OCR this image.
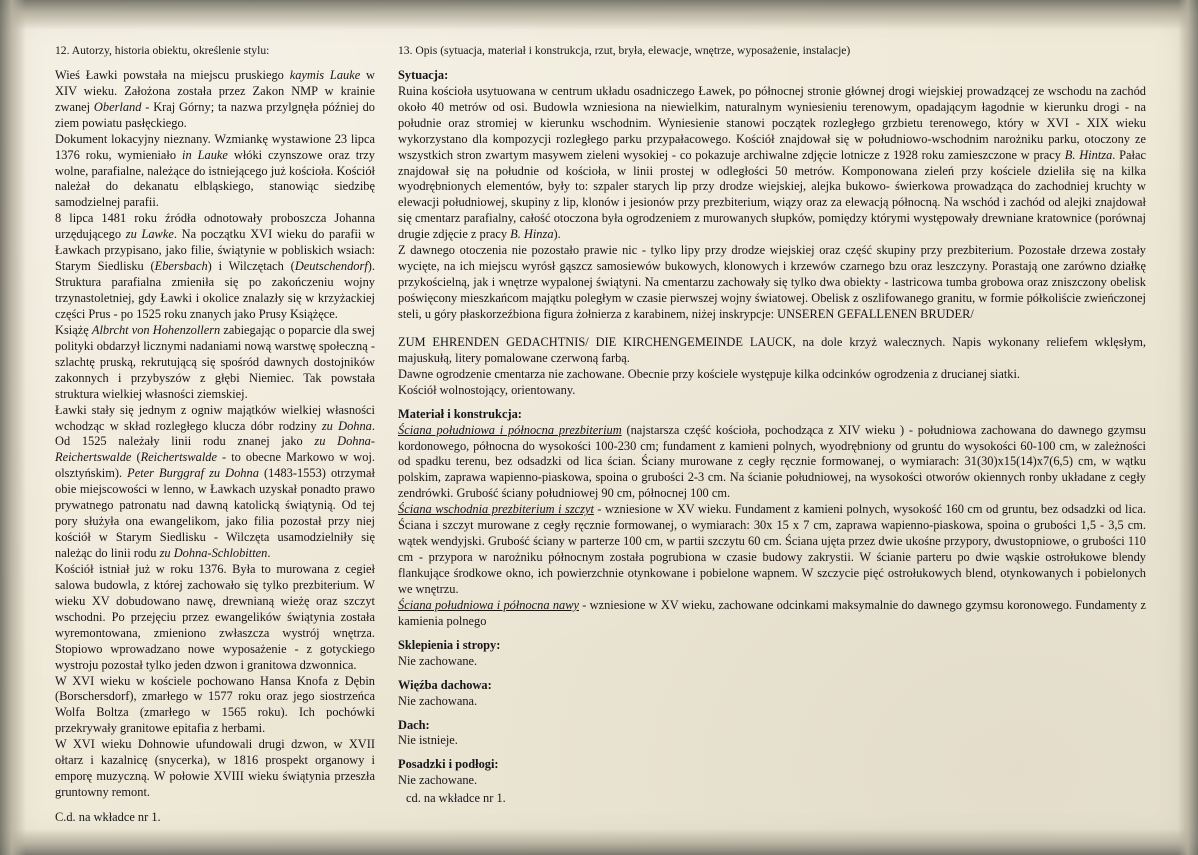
12. Autorzy, historia obiektu, określenie stylu:

Wieś Ławki powstała na miejscu pruskiego kaymis Lauke w XIV wieku. Założona została przez Zakon NMP w krainie zwanej Oberland - Kraj Górny; ta nazwa przylgnęła później do ziem powiatu pasłęckiego.

Dokument lokacyjny nieznany. Wzmiankę wystawione 23 lipca 1376 roku, wymieniało in Lauke włóki czynszowe oraz trzy wolne, parafialne, należące do istniejącego już kościoła. Kościół należał do dekanatu elbląskiego, stanowiąc siedzibę samodzielnej parafii.

8 lipca 1481 roku źródła odnotowały proboszcza Johanna urzędującego zu Lawke. Na początku XVI wieku do parafii w Ławkach przypisano, jako filie, świątynie w pobliskich wsiach: Starym Siedlisku (Ebersbach) i Wilczętach (Deutschendorf). Struktura parafialna zmieniła się po zakończeniu wojny trzynastoletniej, gdy Ławki i okolice znalazły się w krzyżackiej części Prus - po 1525 roku znanych jako Prusy Książęce.

Książę Albrcht von Hohenzollern zabiegając o poparcie dla swej polityki obdarzył licznymi nadaniami nową warstwę społeczną - szlachtę pruską, rekrutującą się spośród dawnych dostojników zakonnych i przybyszów z głębi Niemiec. Tak powstała struktura wielkiej własności ziemskiej.

Ławki stały się jednym z ogniw majątków wielkiej własności wchodząc w skład rozległego klucza dóbr rodziny zu Dohna. Od 1525 należały linii rodu znanej jako zu Dohna-Reichertswalde (Reichertswalde - to obecne Markowo w woj. olsztyńskim). Peter Burggraf zu Dohna (1483-1553) otrzymał obie miejscowości w lenno, w Ławkach uzyskał ponadto prawo prywatnego patronatu nad dawną katolicką świątynią. Od tej pory służyła ona ewangelikom, jako filia pozostał przy niej kościół w Starym Siedlisku - Wilczęta usamodzielniły się należąc do linii rodu zu Dohna-Schlobitten.

Kościół istniał już w roku 1376. Była to murowana z cegieł salowa budowla, z której zachowało się tylko prezbiterium. W wieku XV dobudowano nawę, drewnianą wieżę oraz szczyt wschodni. Po przejęciu przez ewangelików świątynia została wyremontowana, zmieniono zwłaszcza wystrój wnętrza. Stopiowo wprowadzano nowe wyposażenie - z gotyckiego wystroju pozostał tylko jeden dzwon i granitowa dzwonnica.

W XVI wieku w kościele pochowano Hansa Knofa z Dębin (Borschersdorf), zmarłego w 1577 roku oraz jego siostrzeńca Wolfa Boltza (zmarłego w 1565 roku). Ich pochówki przekrywały granitowe epitafia z herbami.

W XVI wieku Dohnowie ufundowali drugi dzwon, w XVII ołtarz i kazalnicę (snycerka), w 1816 prospekt organowy i emporę muzyczną. W połowie XVIII wieku świątynia przeszła gruntowny remont.

C.d. na wkładce nr 1.
13. Opis (sytuacja, materiał i konstrukcja, rzut, bryła, elewacje, wnętrze, wyposażenie, instalacje)
Sytuacja:

Ruina kościoła usytuowana w centrum układu osadniczego Ławek, po północnej stronie głównej drogi wiejskiej prowadzącej ze wschodu na zachód około 40 metrów od osi. Budowla wzniesiona na niewielkim, naturalnym wyniesieniu terenowym, opadającym łagodnie w kierunku drogi - na południe oraz stromiej w kierunku wschodnim. Wyniesienie stanowi początek rozległego grzbietu terenowego, który w XVI - XIX wieku wykorzystano dla kompozycji rozległego parku przypałacowego. Kościół znajdował się w południowo-wschodnim narożniku parku, otoczony ze wszystkich stron zwartym masywem zieleni wysokiej - co pokazuje archiwalne zdjęcie lotnicze z 1928 roku zamieszczone w pracy B. Hintza. Pałac znajdował się na południe od kościoła, w linii prostej w odległości 50 metrów. Komponowana zieleń przy kościele dzieliła się na kilka wyodrębnionych elementów, były to: szpaler starych lip przy drodze wiejskiej, alejka bukowo- świerkowa prowadząca do zachodniej kruchty w elewacji południowej, skupiny z lip, klonów i jesionów przy prezbiterium, wiązy oraz za elewacją północną. Na wschód i zachód od alejki znajdował się cmentarz parafialny, całość otoczona była ogrodzeniem z murowanych słupków, pomiędzy którymi występowały drewniane kratownice (porównaj drugie zdjęcie z pracy B. Hinza).

Z dawnego otoczenia nie pozostało prawie nic - tylko lipy przy drodze wiejskiej oraz część skupiny przy prezbiterium. Pozostałe drzewa zostały wycięte, na ich miejscu wyrósł gąszcz samosiewów bukowych, klonowych i krzewów czarnego bzu oraz leszczyny. Porastają one zarówno działkę przykościelną, jak i wnętrze wypalonej świątyni. Na cmentarzu zachowały się tylko dwa obiekty - lastricowa tumba grobowa oraz zniszczony obelisk poświęcony mieszkańcom majątku poległym w czasie pierwszej wojny światowej. Obelisk z oszlifowanego granitu, w formie półkoliście zwieńczonej steli, u góry płaskorzeźbiona figura żołnierza z karabinem, niżej inskrypcje: UNSEREN GEFALLENEN BRUDER/

ZUM EHRENDEN GEDACHTNIS/ DIE KIRCHENGEMEINDE LAUCK, na dole krzyż walecznych. Napis wykonany reliefem wklęsłym, majuskułą, litery pomalowane czerwoną farbą.

Dawne ogrodzenie cmentarza nie zachowane. Obecnie przy kościele występuje kilka odcinków ogrodzenia z drucianej siatki.

Kościół wolnostojący, orientowany.

Materiał i konstrukcja:

Ściana południowa i północna prezbiterium (najstarsza część kościoła, pochodząca z XIV wieku ) - południowa zachowana do dawnego gzymsu kordonowego, północna do wysokości 100-230 cm; fundament z kamieni polnych, wyodrębniony od gruntu do wysokości 60-100 cm, w zależności od spadku terenu, bez odsadzki od lica ścian. Ściany murowane z cegły ręcznie formowanej, o wymiarach: 31(30)x15(14)x7(6,5) cm, w wątku polskim, zaprawa wapienno-piaskowa, spoina o grubości 2-3 cm. Na ścianie południowej, na wysokości otworów okiennych ronby układane z cegły zendrówki. Grubość ściany południowej 90 cm, północnej 100 cm.

Ściana wschodnia prezbiterium i szczyt - wzniesione w XV wieku. Fundament z kamieni polnych, wysokość 160 cm od gruntu, bez odsadzki od lica. Ściana i szczyt murowane z cegły ręcznie formowanej, o wymiarach: 30x 15 x 7 cm, zaprawa wapienno-piaskowa, spoina o grubości 1,5 - 3,5 cm. wątek wendyjski. Grubość ściany w parterze 100 cm, w partii szczytu 60 cm. Ściana ujęta przez dwie ukośne przypory, dwustopniowe, o grubości 110 cm - przypora w narożniku północnym została pogrubiona w czasie budowy zakrystii. W ścianie parteru po dwie wąskie ostrołukowe blendy flankujące środkowe okno, ich powierzchnie otynkowane i pobielone wapnem. W szczycie pięć ostrołukowych blend, otynkowanych i pobielonych we wnętrzu.

Ściana południowa i północna nawy - wzniesione w XV wieku, zachowane odcinkami maksymalnie do dawnego gzymsu koronowego. Fundamenty z kamienia polnego

Sklepienia i stropy:

Nie zachowane.

Więźba dachowa:

Nie zachowana.

Dach:

Nie istnieje.

Posadzki i podłogi:

Nie zachowane.

cd. na wkładce nr 1.
